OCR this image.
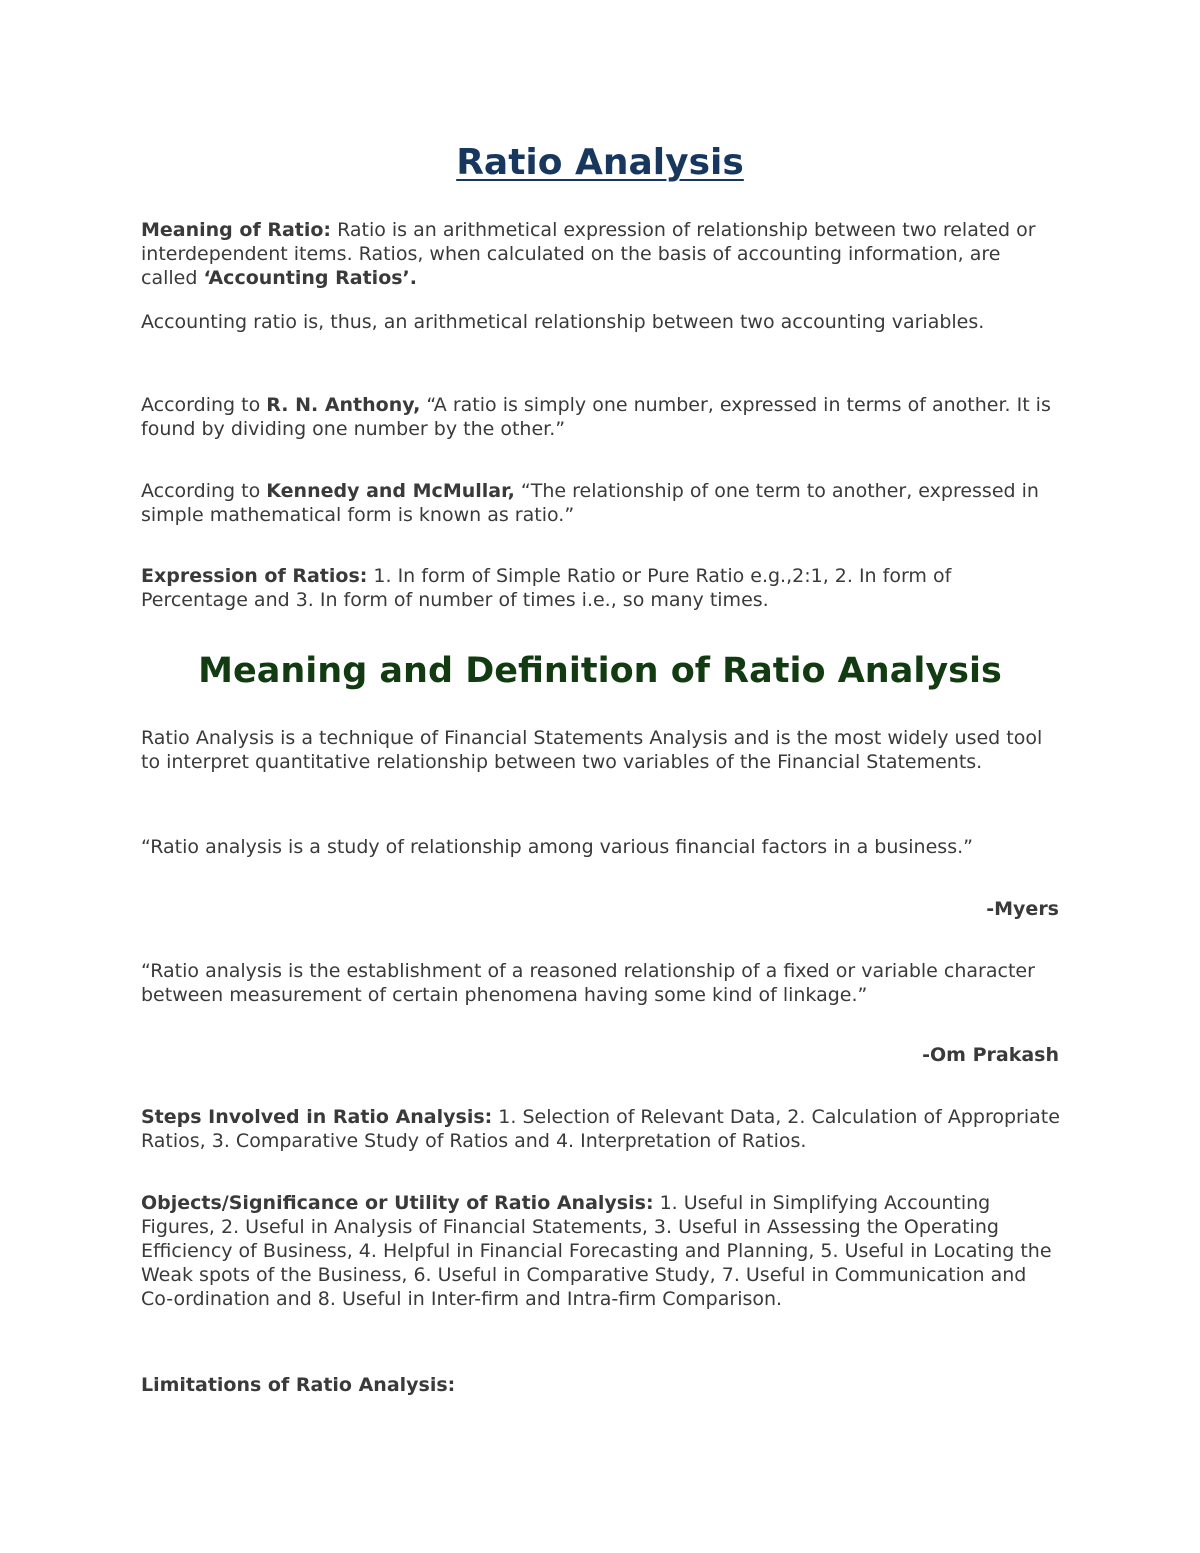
Ratio Analysis

Meaning of Ratio: Ratio is an arithmetical expression of relationship between two related or interdependent items. Ratios, when calculated on the basis of accounting information, are called ‘Accounting Ratios’.

Accounting ratio is, thus, an arithmetical relationship between two accounting variables.

According to R. N. Anthony, “A ratio is simply one number, expressed in terms of another. It is found by dividing one number by the other.”

According to Kennedy and McMullar, “The relationship of one term to another, expressed in simple mathematical form is known as ratio.”

Expression of Ratios: 1. In form of Simple Ratio or Pure Ratio e.g.,2:1, 2. In form of Percentage and 3. In form of number of times i.e., so many times.

Meaning and Definition of Ratio Analysis

Ratio Analysis is a technique of Financial Statements Analysis and is the most widely used tool to interpret quantitative relationship between two variables of the Financial Statements.

“Ratio analysis is a study of relationship among various financial factors in a business.”

-Myers

“Ratio analysis is the establishment of a reasoned relationship of a fixed or variable character between measurement of certain phenomena having some kind of linkage.”

-Om Prakash

Steps Involved in Ratio Analysis: 1. Selection of Relevant Data, 2. Calculation of Appropriate Ratios, 3. Comparative Study of Ratios and 4. Interpretation of Ratios.

Objects/Significance or Utility of Ratio Analysis: 1. Useful in Simplifying Accounting Figures, 2. Useful in Analysis of Financial Statements, 3. Useful in Assessing the Operating Efficiency of Business, 4. Helpful in Financial Forecasting and Planning, 5. Useful in Locating the Weak spots of the Business, 6. Useful in Comparative Study, 7. Useful in Communication and Co-ordination and 8. Useful in Inter-firm and Intra-firm Comparison.

Limitations of Ratio Analysis:
